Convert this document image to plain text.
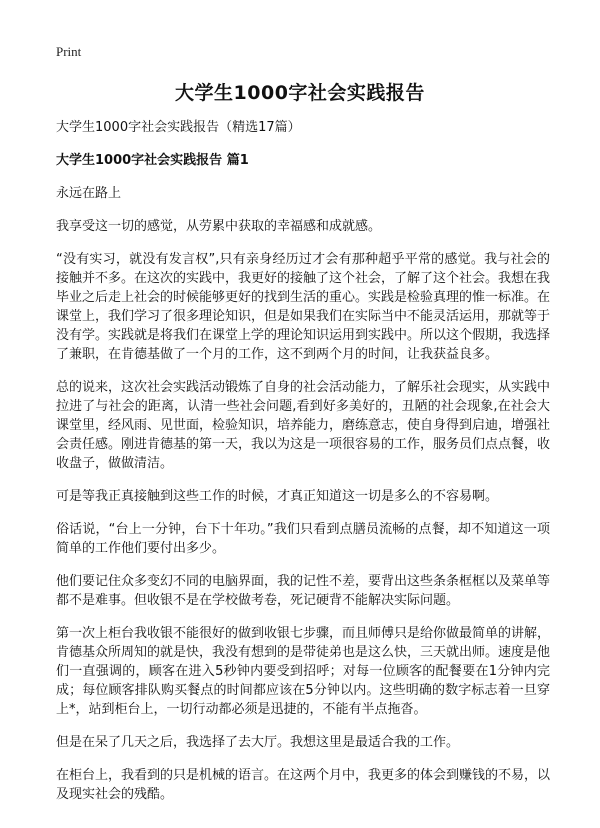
Print
大学生1000字社会实践报告

大学生1000字社会实践报告（精选17篇）

大学生1000字社会实践报告 篇1

永远在路上

我享受这一切的感觉，从劳累中获取的幸福感和成就感。

“没有实习，就没有发言权”,只有亲身经历过才会有那种超乎平常的感觉。我与社会的接触并不多。在这次的实践中，我更好的接触了这个社会，了解了这个社会。我想在我毕业之后走上社会的时候能够更好的找到生活的重心。实践是检验真理的惟一标准。在课堂上，我们学习了很多理论知识，但是如果我们在实际当中不能灵活运用，那就等于没有学。实践就是将我们在课堂上学的理论知识运用到实践中。所以这个假期，我选择了兼职，在肯德基做了一个月的工作，这不到两个月的时间，让我获益良多。

总的说来，这次社会实践活动锻炼了自身的社会活动能力，了解乐社会现实，从实践中拉进了与社会的距离，认清一些社会问题,看到好多美好的，丑陋的社会现象,在社会大课堂里，经风雨、见世面，检验知识，培养能力，磨练意志，使自身得到启迪，增强社会责任感。刚进肯德基的第一天，我以为这是一项很容易的工作，服务员们点点餐，收收盘子，做做清洁。

可是等我正真接触到这些工作的时候，才真正知道这一切是多么的不容易啊。

俗话说，“台上一分钟，台下十年功。”我们只看到点膳员流畅的点餐，却不知道这一项简单的工作他们要付出多少。

他们要记住众多变幻不同的电脑界面，我的记性不差，要背出这些条条框框以及菜单等都不是难事。但收银不是在学校做考卷，死记硬背不能解决实际问题。

第一次上柜台我收银不能很好的做到收银七步骤，而且师傅只是给你做最简单的讲解，肯德基众所周知的就是快，我没有想到的是带徒弟也是这么快，三天就出师。速度是他们一直强调的，顾客在进入5秒钟内要受到招呼；对每一位顾客的配餐要在1分钟内完成；每位顾客排队购买餐点的时间都应该在5分钟以内。这些明确的数字标志着一旦穿上*，站到柜台上，一切行动都必须是迅捷的，不能有半点拖沓。

但是在呆了几天之后，我选择了去大厅。我想这里是最适合我的工作。

在柜台上，我看到的只是机械的语言。在这两个月中，我更多的体会到赚钱的不易，以及现实社会的残酷。
